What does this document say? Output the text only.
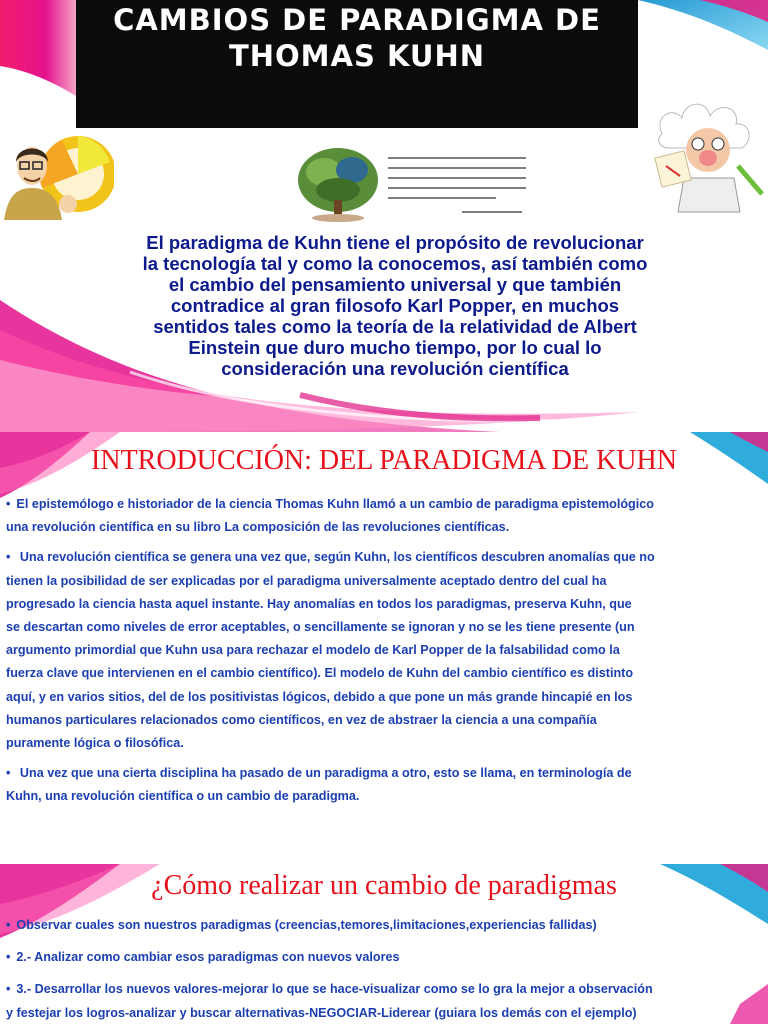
CAMBIOS DE PARADIGMA DE
THOMAS KUHN
El paradigma de Kuhn tiene el propósito de revolucionar
la tecnología tal y como la conocemos, así también como
el cambio del pensamiento universal y que también
contradice al gran filosofo Karl Popper, en muchos
sentidos tales como la teoría de la relatividad de Albert
Einstein que duro mucho tiempo, por lo cual lo
consideración una revolución científica
INTRODUCCIÓN: DEL PARADIGMA DE KUHN

• El epistemólogo e historiador de la ciencia Thomas Kuhn llamó a un cambio de paradigma epistemológico
una revolución científica en su libro La composición de las revoluciones científicas.

• Una revolución científica se genera una vez que, según Kuhn, los científicos descubren anomalías que no
tienen la posibilidad de ser explicadas por el paradigma universalmente aceptado dentro del cual ha
progresado la ciencia hasta aquel instante. Hay anomalías en todos los paradigmas, preserva Kuhn, que
se descartan como niveles de error aceptables, o sencillamente se ignoran y no se les tiene presente (un
argumento primordial que Kuhn usa para rechazar el modelo de Karl Popper de la falsabilidad como la
fuerza clave que intervienen en el cambio científico). El modelo de Kuhn del cambio científico es distinto
aquí, y en varios sitios, del de los positivistas lógicos, debido a que pone un más grande hincapié en los
humanos particulares relacionados como científicos, en vez de abstraer la ciencia a una compañía
puramente lógica o filosófica.

• Una vez que una cierta disciplina ha pasado de un paradigma a otro, esto se llama, en terminología de
Kuhn, una revolución científica o un cambio de paradigma.

¿Cómo realizar un cambio de paradigmas

• Observar cuales son nuestros paradigmas (creencias,temores,limitaciones,experiencias fallidas)

• 2.- Analizar como cambiar esos paradigmas con nuevos valores

• 3.- Desarrollar los nuevos valores-mejorar lo que se hace-visualizar como se lo gra la mejor a observación
y festejar los logros-analizar y buscar alternativas-NEGOCIAR-Liderear (guiara los demás con el ejemplo)
